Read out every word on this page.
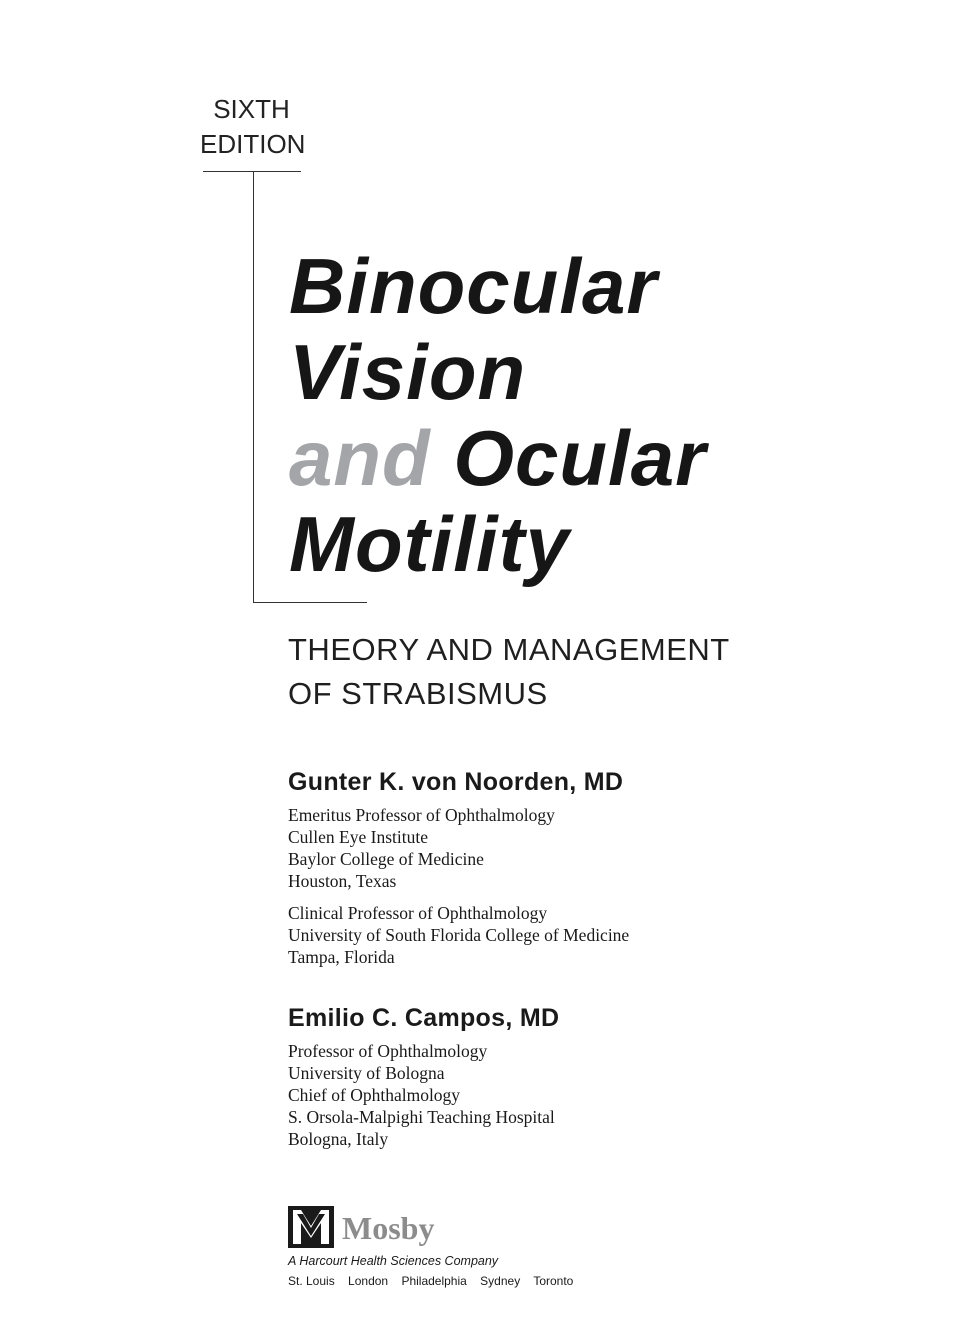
SIXTH
EDITION
Binocular
Vision
and Ocular
Motility
THEORY AND MANAGEMENT
OF STRABISMUS
Gunter K. von Noorden, MD
Emeritus Professor of Ophthalmology
Cullen Eye Institute
Baylor College of Medicine
Houston, Texas
Clinical Professor of Ophthalmology
University of South Florida College of Medicine
Tampa, Florida
Emilio C. Campos, MD
Professor of Ophthalmology
University of Bologna
Chief of Ophthalmology
S. Orsola-Malpighi Teaching Hospital
Bologna, Italy
Mosby
A Harcourt Health Sciences Company
St. Louis London Philadelphia Sydney Toronto
